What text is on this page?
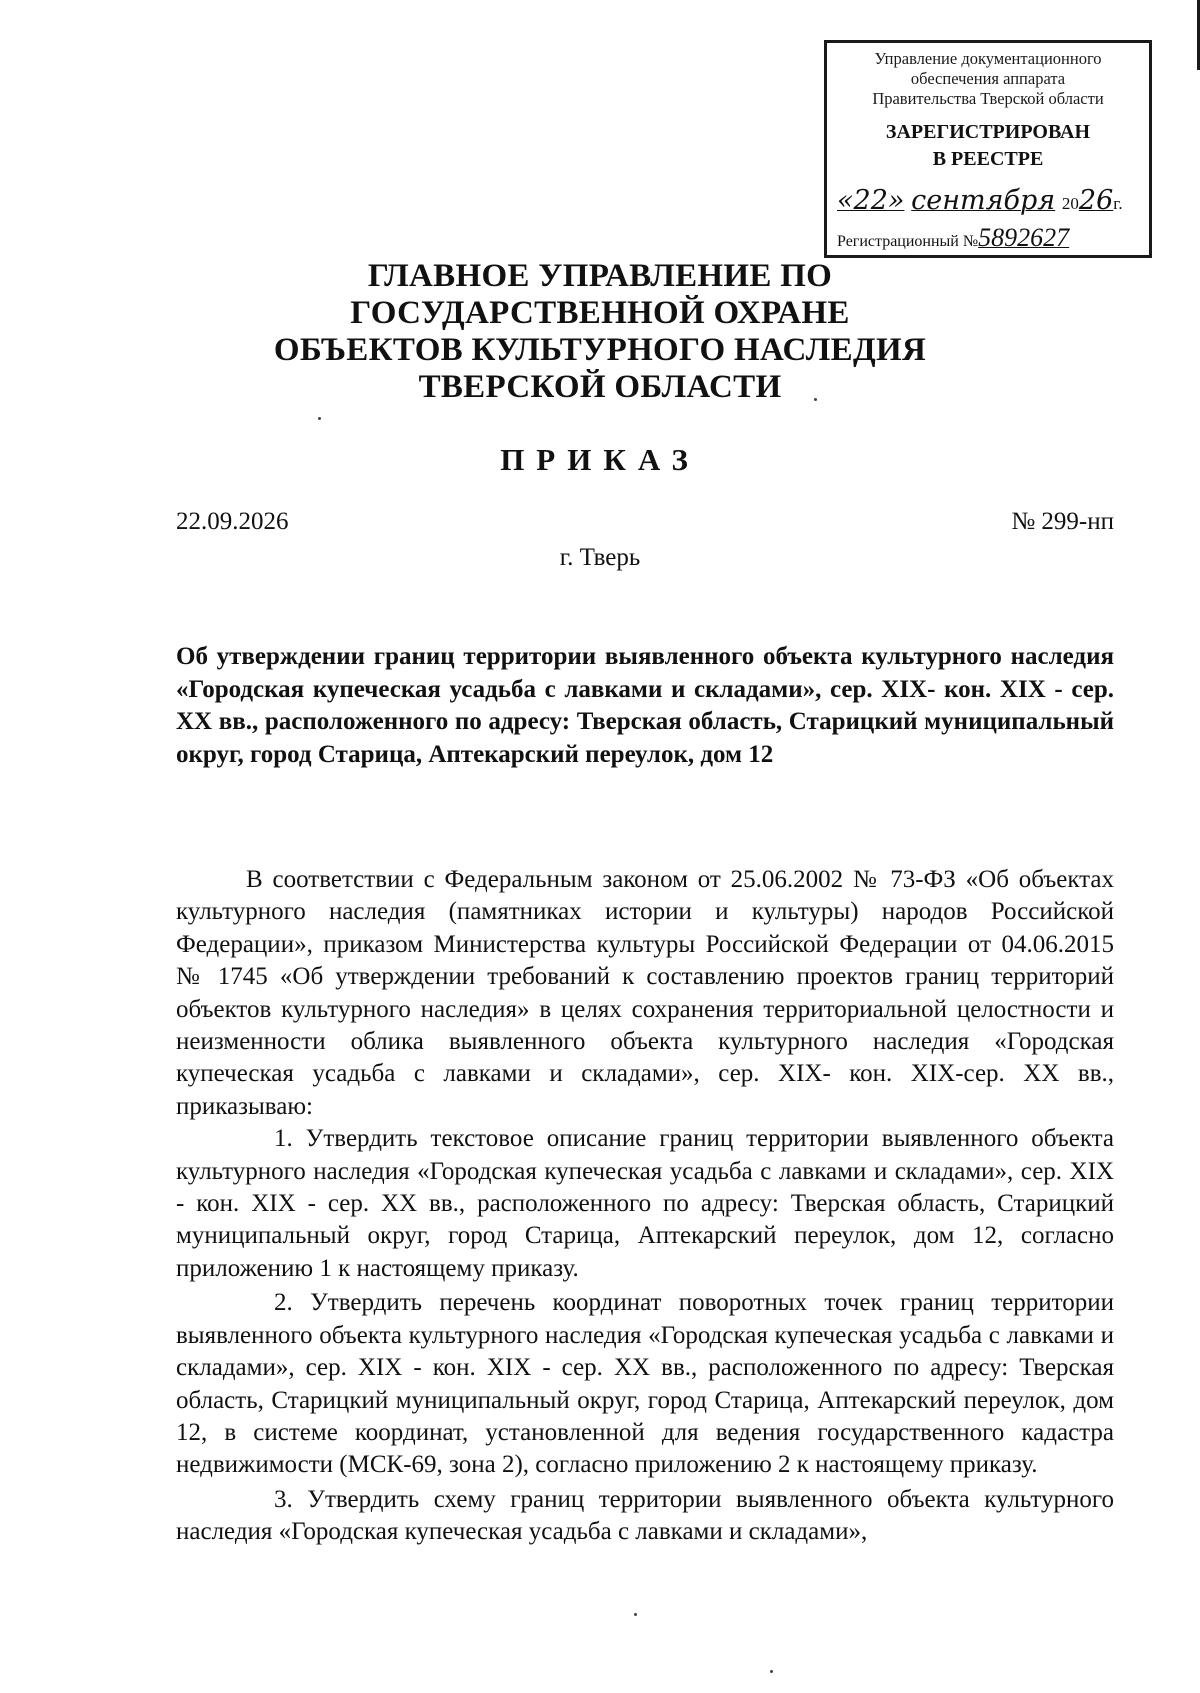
Управление документационного
обеспечения аппарата
Правительства Тверской области
ЗАРЕГИСТРИРОВАН
В РЕЕСТРЕ
«22» сентября 2026г.
Регистрационный №5892627
ГЛАВНОЕ УПРАВЛЕНИЕ ПО
ГОСУДАРСТВЕННОЙ ОХРАНЕ
ОБЪЕКТОВ КУЛЬТУРНОГО НАСЛЕДИЯ
ТВЕРСКОЙ ОБЛАСТИ
ПРИКАЗ
22.09.2026	№ 299-нп
г. Тверь
Об утверждении границ территории выявленного объекта культурного наследия «Городская купеческая усадьба с лавками и складами», сер. XIX- кон. XIX - сер. XX вв., расположенного по адресу: Тверская область, Старицкий муниципальный округ, город Старица, Аптекарский переулок, дом 12

В соответствии с Федеральным законом от 25.06.2002 № 73-ФЗ «Об объектах культурного наследия (памятниках истории и культуры) народов Российской Федерации», приказом Министерства культуры Российской Федерации от 04.06.2015 № 1745 «Об утверждении требований к составлению проектов границ территорий объектов культурного наследия» в целях сохранения территориальной целостности и неизменности облика выявленного объекта культурного наследия «Городская купеческая усадьба с лавками и складами», сер. XIX- кон. XIX-сер. XX вв., приказываю:

1. Утвердить текстовое описание границ территории выявленного объекта культурного наследия «Городская купеческая усадьба с лавками и складами», сер. XIX - кон. XIX - сер. XX вв., расположенного по адресу: Тверская область, Старицкий муниципальный округ, город Старица, Аптекарский переулок, дом 12, согласно приложению 1 к настоящему приказу.

2. Утвердить перечень координат поворотных точек границ территории выявленного объекта культурного наследия «Городская купеческая усадьба с лавками и складами», сер. XIX - кон. XIX - сер. XX вв., расположенного по адресу: Тверская область, Старицкий муниципальный округ, город Старица, Аптекарский переулок, дом 12, в системе координат, установленной для ведения государственного кадастра недвижимости (МСК-69, зона 2), согласно приложению 2 к настоящему приказу.

3. Утвердить схему границ территории выявленного объекта культурного наследия «Городская купеческая усадьба с лавками и складами»,
